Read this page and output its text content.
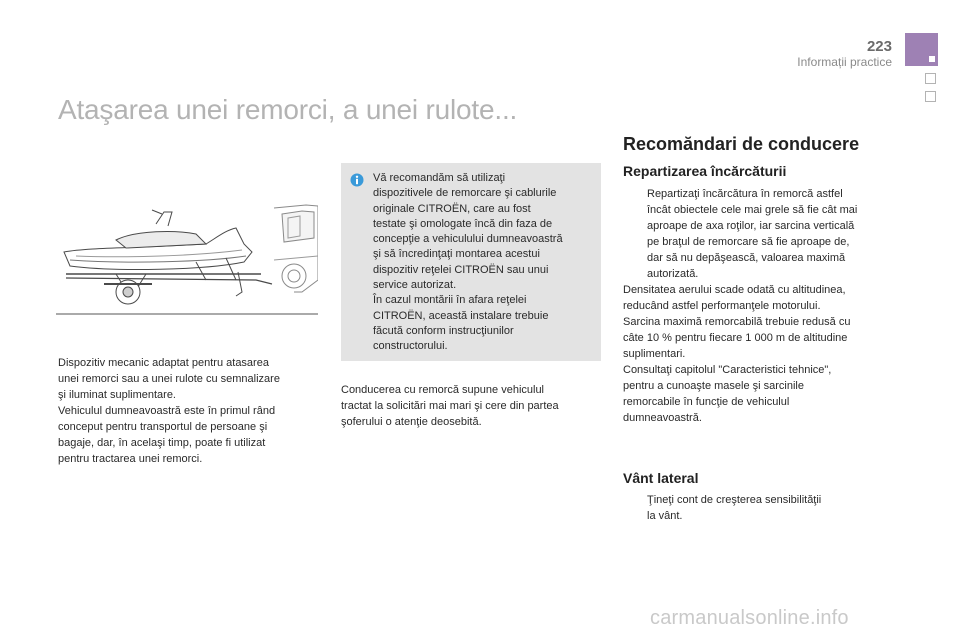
223
Informații practice
Ataşarea unei remorci, a unei rulote...

Dispozitiv mecanic adaptat pentru atasarea
unei remorci sau a unei rulote cu semnalizare
şi iluminat suplimentare.
Vehiculul dumneavoastră este în primul rând
conceput pentru transportul de persoane şi
bagaje, dar, în acelaşi timp, poate fi utilizat
pentru tractarea unei remorci.

Vă recomandăm să utilizaţi
dispozitivele de remorcare şi cablurile
originale CITROËN, care au fost
testate şi omologate încă din faza de
concepţie a vehiculului dumneavoastră
şi să încredinţaţi montarea acestui
dispozitiv reţelei CITROËN sau unui
service autorizat.
În cazul montării în afara reţelei
CITROËN, această instalare trebuie
făcută conform instrucţiunilor
constructorului.

Conducerea cu remorcă supune vehiculul
tractat la solicitări mai mari şi cere din partea
şoferului o atenţie deosebită.

Recomăndari de conducere
Repartizarea încărcăturii

Repartizaţi încărcătura în remorcă astfel
încât obiectele cele mai grele să fie cât mai
aproape de axa roţilor, iar sarcina verticală
pe braţul de remorcare să fie aproape de,
dar să nu depăşească, valoarea maximă
autorizată.

Densitatea aerului scade odată cu altitudinea,
reducând astfel performanţele motorului.
Sarcina maximă remorcabilă trebuie redusă cu
câte 10 % pentru fiecare 1 000 m de altitudine
suplimentari.
Consultaţi capitolul "Caracteristici tehnice",
pentru a cunoaşte masele şi sarcinile
remorcabile în funcţie de vehiculul
dumneavoastră.

Vânt lateral

Ţineţi cont de creşterea sensibilităţii
la vânt.

carmanualsonline.info
